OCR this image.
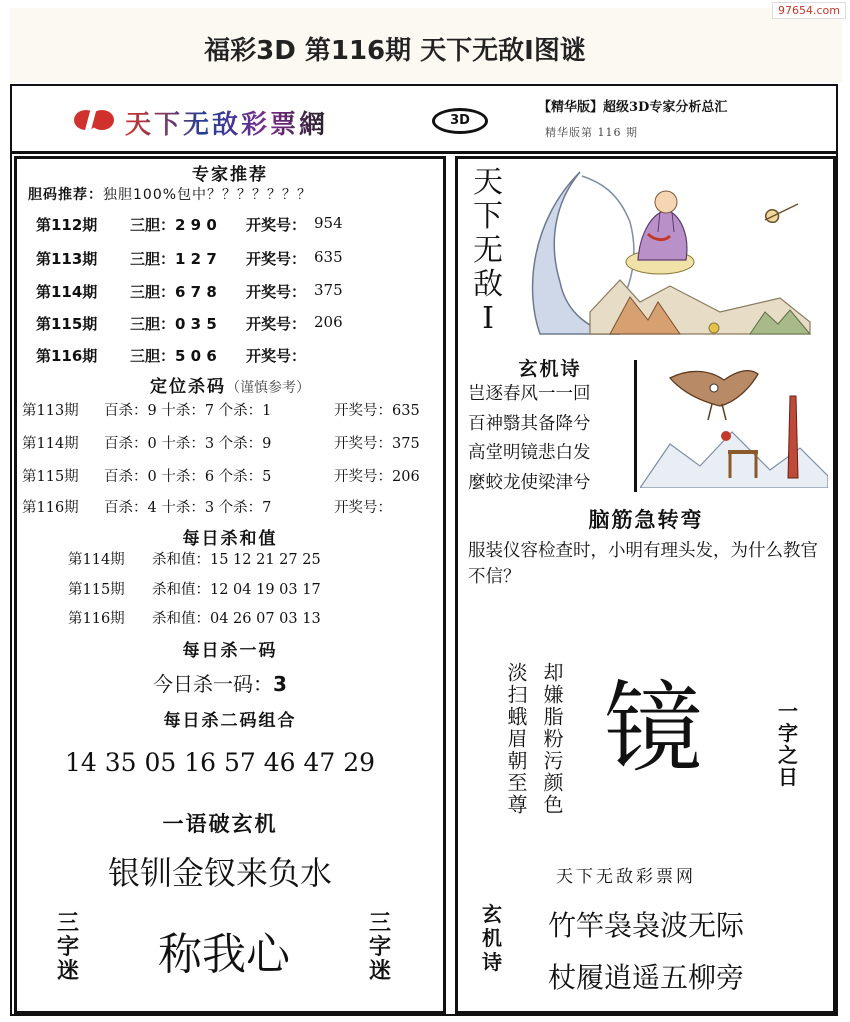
97654.com
福彩3D 第116期 天下无敌Ⅰ图谜
天下无敌彩票網	3D
【精华版】超级3D专家分析总汇
精华版第 116 期
专家推荐
胆码推荐：独胆100%包中？？？？？？？
第112期 三胆：2 9 0 开奖号： 954
第113期 三胆：1 2 7 开奖号： 635
第114期 三胆：6 7 8 开奖号： 375
第115期 三胆：0 3 5 开奖号： 206
第116期 三胆：5 0 6 开奖号：
定位杀码（谨慎参考）
第113期 百杀：9 十杀：7 个杀：1	开奖号：635
第114期 百杀：0 十杀：3 个杀：9	开奖号：375
第115期 百杀：0 十杀：6 个杀：5	开奖号：206
第116期 百杀：4 十杀：3 个杀：7	开奖号：
每日杀和值
第114期 杀和值：15 12 21 27 25
第115期 杀和值：12 04 19 03 17
第116期 杀和值：04 26 07 03 13
每日杀一码
今日杀一码：3
每日杀二码组合
14 35 05 16 57 46 47 29
一语破玄机
银钏金钗来负水
三
字
迷	称我心
三
字
迷
天
下
无
敌
Ⅰ
玄机诗
岂逐春风一一回
百神翳其备降兮
高堂明镜悲白发
麼蛟龙使梁津兮
脑筋急转弯
服装仪容检查时，小明有理头发，为什么教官不信？
淡扫蛾眉朝至尊 却嫌脂粉污颜色 镜	一
字
之
日
天下无敌彩票网
玄
机
诗
竹竿袅袅波无际
杖履逍遥五柳旁
